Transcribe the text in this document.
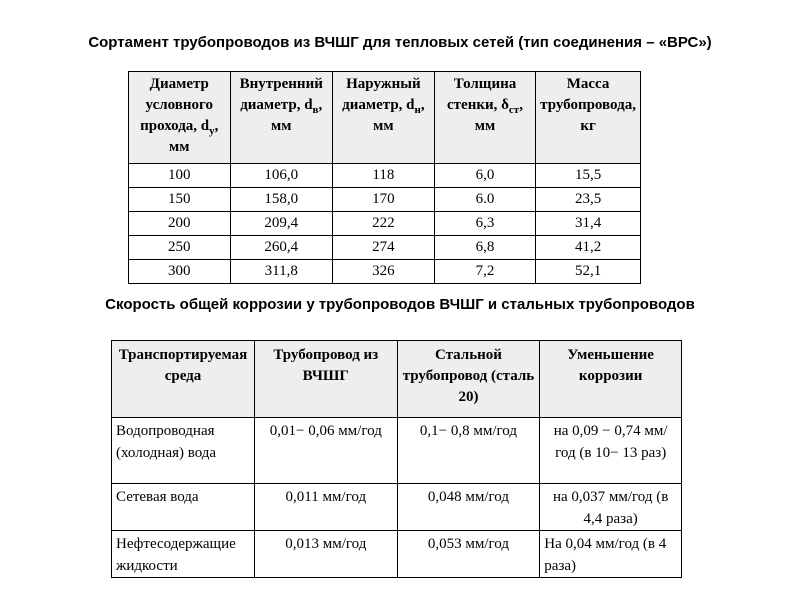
Сортамент трубопроводов из ВЧШГ для тепловых сетей (тип соединения – «ВРС»)
Диаметр условного прохода, $d_у$, мм	Внутренний диаметр, $d_в$, мм	Наружный диаметр, $d_н$, мм	Толщина стенки, $\delta_{ст}$, мм	Масса трубопровода, кг
100	106,0	118	6,0	15,5
150	158,0	170	6.0	23,5
200	209,4	222	6,3	31,4
250	260,4	274	6,8	41,2
300	311,8	326	7,2	52,1
Скорость общей коррозии у трубопроводов ВЧШГ и стальных трубопроводов
Транспортируемая среда	Трубопровод из ВЧШГ	Стальной трубопровод (сталь 20)	Уменьшение коррозии
Водопроводная (холодная) вода	0,01− 0,06 мм/год	0,1− 0,8 мм/год	на 0,09 − 0,74 мм/год (в 10− 13 раз)
Сетевая вода	0,011 мм/год	0,048 мм/год	на 0,037 мм/год (в 4,4 раза)
Нефтесодержащие жидкости	0,013 мм/год	0,053 мм/год	На 0,04 мм/год (в 4 раза)
